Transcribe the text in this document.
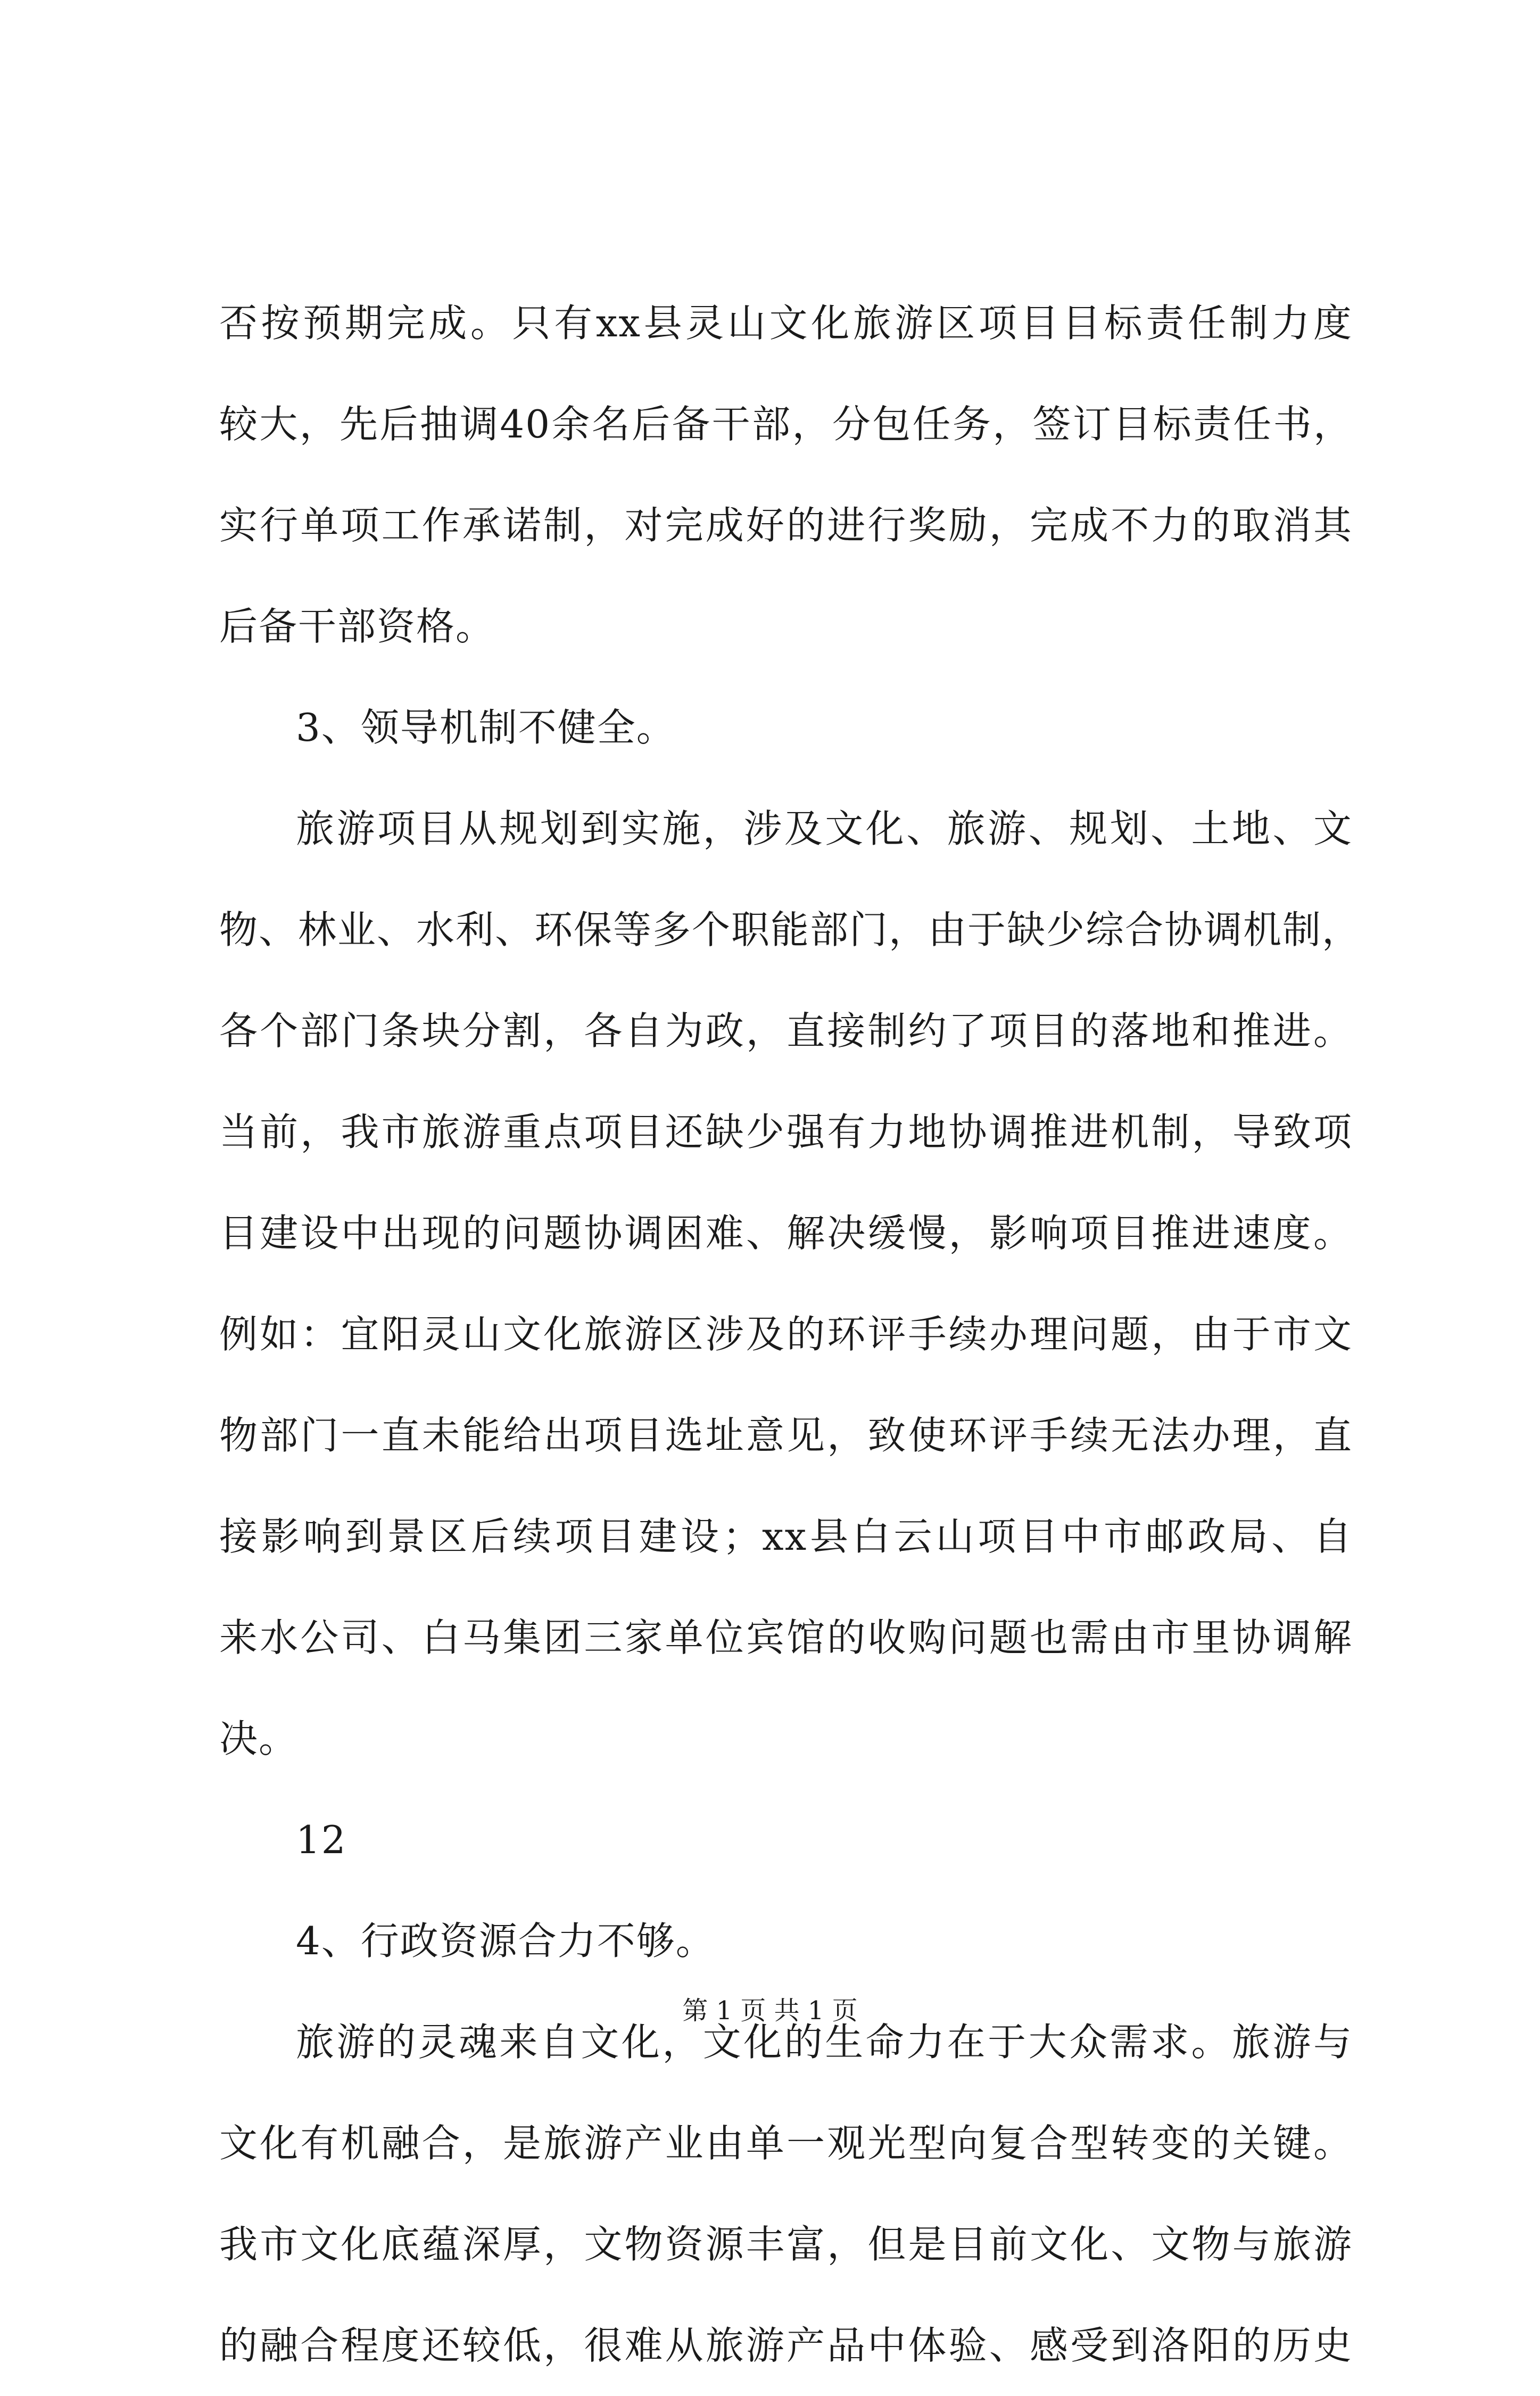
否按预期完成。只有xx县灵山文化旅游区项目目标责任制力度
较大，先后抽调40余名后备干部，分包任务，签订目标责任书，
实行单项工作承诺制，对完成好的进行奖励，完成不力的取消其
后备干部资格。
3、领导机制不健全。
旅游项目从规划到实施，涉及文化、旅游、规划、土地、文
物、林业、水利、环保等多个职能部门，由于缺少综合协调机制，
各个部门条块分割，各自为政，直接制约了项目的落地和推进。
当前，我市旅游重点项目还缺少强有力地协调推进机制，导致项
目建设中出现的问题协调困难、解决缓慢，影响项目推进速度。
例如：宜阳灵山文化旅游区涉及的环评手续办理问题，由于市文
物部门一直未能给出项目选址意见，致使环评手续无法办理，直
接影响到景区后续项目建设；xx县白云山项目中市邮政局、自
来水公司、白马集团三家单位宾馆的收购问题也需由市里协调解
决。
12
4、行政资源合力不够。
旅游的灵魂来自文化，文化的生命力在于大众需求。旅游与
文化有机融合，是旅游产业由单一观光型向复合型转变的关键。
我市文化底蕴深厚，文物资源丰富，但是目前文化、文物与旅游
的融合程度还较低，很难从旅游产品中体验、感受到洛阳的历史
第 1 页 共 1 页
